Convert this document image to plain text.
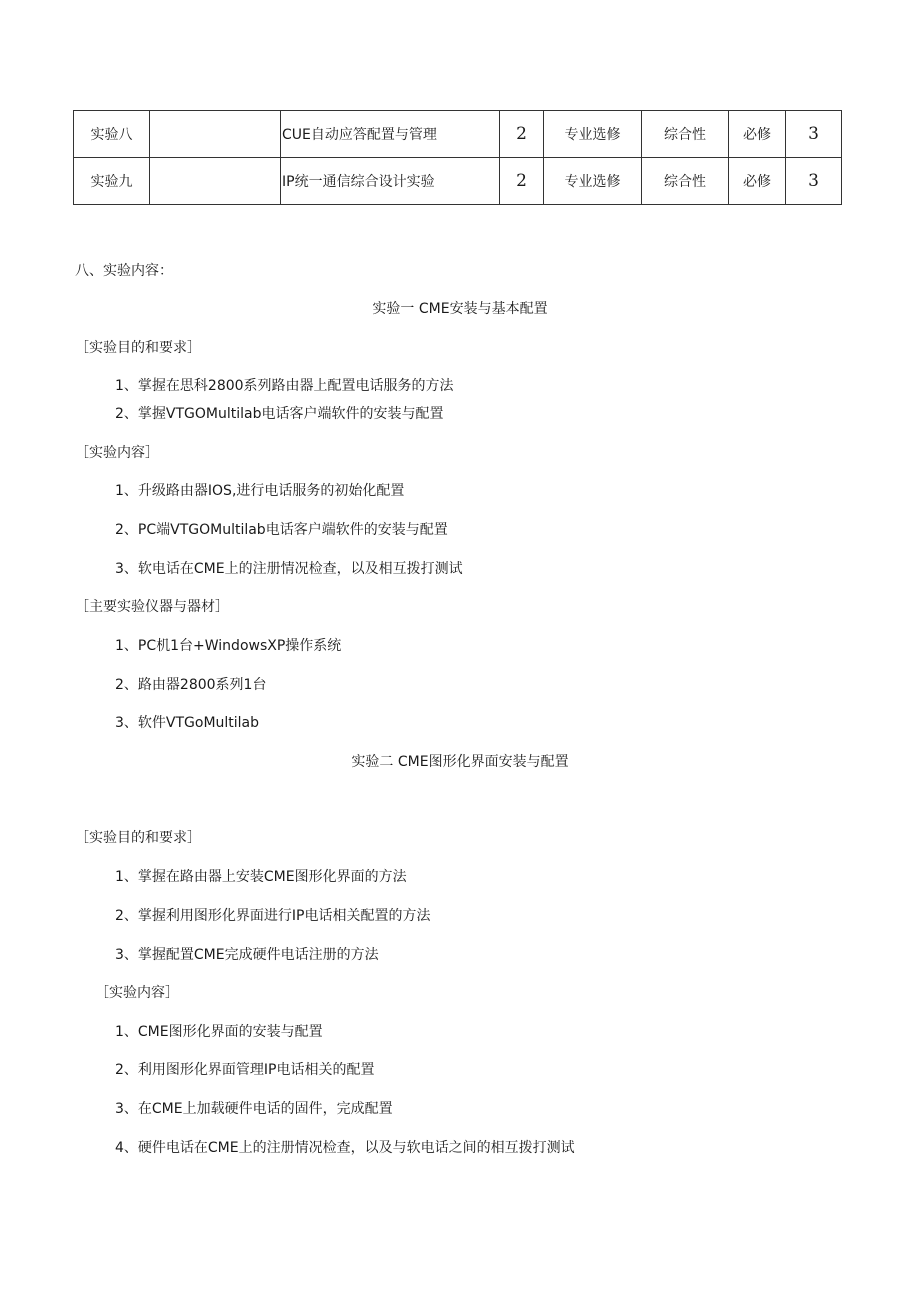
实验八		CUE自动应答配置与管理	2	专业选修	综合性	必修	3
实验九		IP统一通信综合设计实验	2	专业选修	综合性	必修	3
八、实验内容：
实验一 CME安装与基本配置
［实验目的和要求］
1、掌握在思科2800系列路由器上配置电话服务的方法
2、掌握VTGOMultilab电话客户端软件的安装与配置
［实验内容］
1、升级路由器IOS,进行电话服务的初始化配置
2、PC端VTGOMultilab电话客户端软件的安装与配置
3、软电话在CME上的注册情况检查，以及相互拨打测试
［主要实验仪器与器材］
1、PC机1台+WindowsXP操作系统
2、路由器2800系列1台
3、软件VTGoMultilab
实验二 CME图形化界面安装与配置
［实验目的和要求］
1、掌握在路由器上安装CME图形化界面的方法
2、掌握利用图形化界面进行IP电话相关配置的方法
3、掌握配置CME完成硬件电话注册的方法
［实验内容］
1、CME图形化界面的安装与配置
2、利用图形化界面管理IP电话相关的配置
3、在CME上加载硬件电话的固件，完成配置
4、硬件电话在CME上的注册情况检查，以及与软电话之间的相互拨打测试
